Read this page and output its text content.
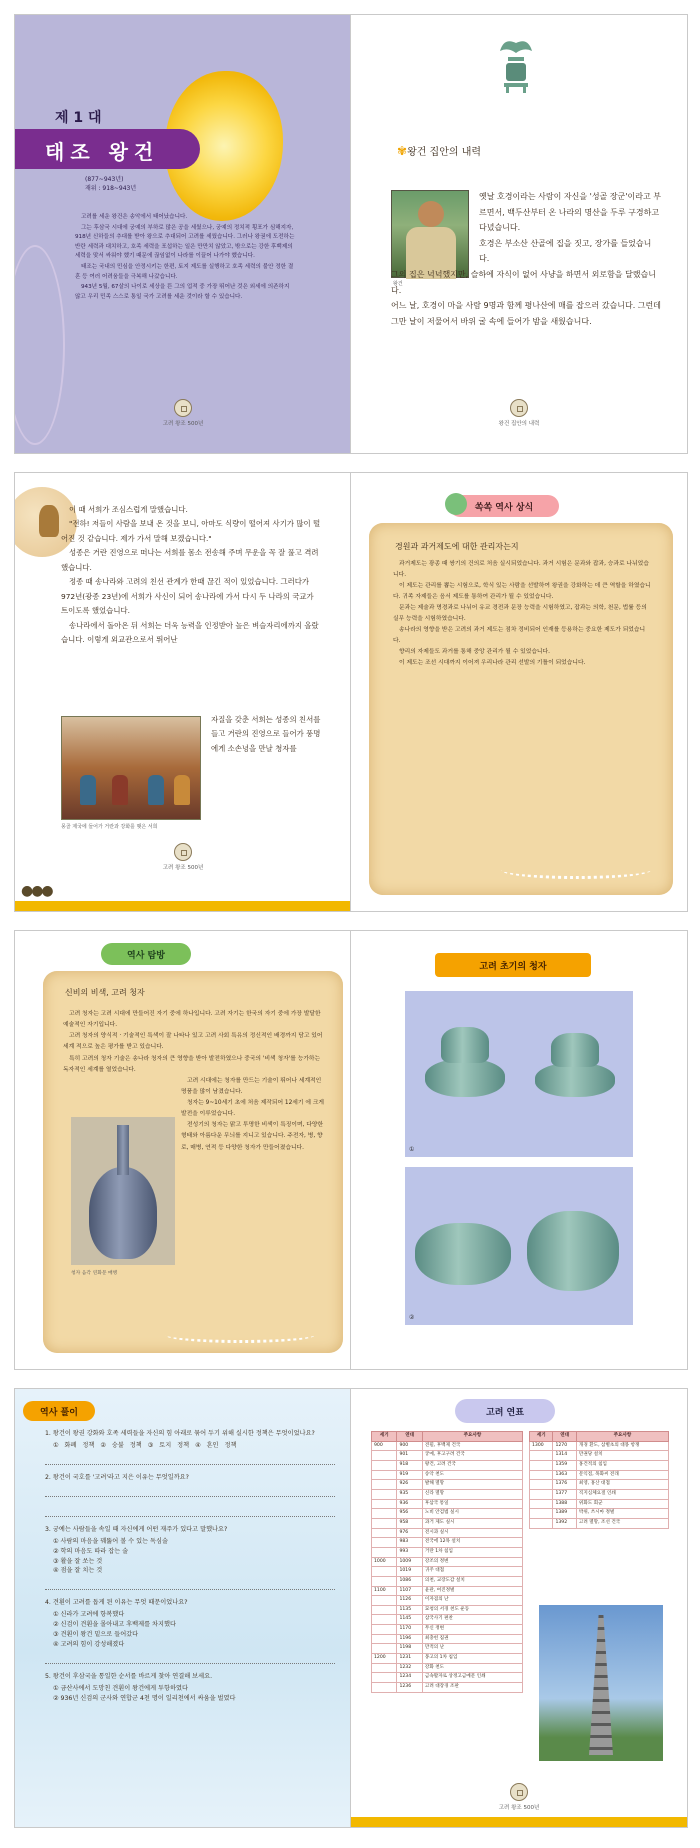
제 1 대
태조 왕건
(877~943년)
재위 : 918~943년

고려를 세운 왕건은 송악에서 태어났습니다.

그는 후삼국 시대에 궁예의 부하로 많은 공을 세웠으나, 궁예의 정치적 횡포가 심해지자, 918년 신하들의 추대를 받아 왕으로 추대되어 고려를 세웠습니다. 그러나 왕권에 도전하는 반란 세력과 대치하고, 호족 세력을 포섭하는 일은 만만치 않았고, 밖으로는 강한 후백제의 세력을 맞서 싸워야 했기 때문에 끊임없이 나라를 이끌어 나가야 했습니다.

태조는 국내의 민심을 안정시키는 한편, 토지 제도를 실행하고 호족 세력의 불안 정한 결혼 등 여러 어려움들을 극복해 나갔습니다.

943년 5월, 67살의 나이로 세상을 뜬 그의 업적 중 가장 뛰어난 것은 외세에 의존하지 않고 우리 민족 스스로 통일 국가 고려를 세운 것이라 할 수 있습니다.

고려 왕조 500년
✾왕건 집안의 내력
왕건

옛날 호경이라는 사람이 자신을 '성골 장군'이라고 부르면서, 백두산부터 온 나라의 명산을 두루 구경하고 다녔습니다.

호경은 부소산 산골에 집을 짓고, 장가를 들었습니다.

그의 집은 넉넉했지만, 슬하에 자식이 없어 사냥을 하면서 외로함을 달랬습니다.

어느 날, 호경이 마을 사람 9명과 함께 평나산에 매를 잡으러 갔습니다. 그런데 그만 날이 저물어서 바위 굴 속에 들어가 밤을 새웠습니다.

왕건 집안의 내력

이 때 서희가 조심스럽게 말했습니다.

"전하! 저들이 사람을 보내 온 것을 보니, 아마도 식량이 떨어져 사기가 많이 떨어진 것 같습니다. 제가 가서 말해 보겠습니다."

성종은 거란 진영으로 떠나는 서희를 몸소 전송해 주며 무운을 꼭 잘 풀고 격려했습니다.

정종 때 송나라와 고려의 친선 관계가 한때 끊긴 적이 있었습니다. 그러다가 972년(광종 23년)에 서희가 사신이 되어 송나라에 가서 다시 두 나라의 국교가 트이도록 했었습니다.

송나라에서 돌아온 뒤 서희는 더욱 능력을 인정받아 높은 벼슬자리에까지 올랐습니다. 이렇게 외교관으로서 뛰어난

몽골 제국에 들어가 거란과 강화를 맺은 서희
자질을 갖춘 서희는 성종의 친서를 들고 거란의 진영으로 들어가 풍명에게 소손녕을 만날 청자를
고려 왕조 500년
●●●
쏙쏙 역사 상식
경원과 과거제도에 대한 관리자는지

과거제도는 광종 때 쌍기의 건의로 처음 실시되었습니다. 과거 시험은 문과와 잡과, 승과로 나뉘었습니다.

이 제도는 관리를 뽑는 시험으로, 학식 있는 사람을 선발하여 왕권을 강화하는 데 큰 역할을 하였습니다. 귀족 자제들은 음서 제도를 통하여 관리가 될 수 있었습니다.

문과는 제술과 명경과로 나뉘어 유교 경전과 문장 능력을 시험하였고, 잡과는 의학, 천문, 법률 등의 실무 능력을 시험하였습니다.

송나라의 영향을 받은 고려의 과거 제도는 점차 정비되어 인재를 등용하는 중요한 제도가 되었습니다.

향리의 자제들도 과거를 통해 중앙 관리가 될 수 있었습니다.

이 제도는 조선 시대까지 이어져 우리나라 관리 선발의 기틀이 되었습니다.

역사 탐방
신비의 비색, 고려 청자

고려 청자는 고려 시대에 만들어진 자기 중에 하나입니다. 고려 자기는 한국의 자기 중에 가장 발달한 예술적인 자기입니다.

고려 청자의 양식적 · 기술적인 특색이 잘 나타나 있고 고려 사회 특유의 정신적인 배경까지 담고 있어 세계 적으로 높은 평가를 받고 있습니다.

특히 고려의 청자 기술은 송나라 청자의 큰 영향을 받아 발전하였으나 중국의 '비색 청자'를 능가하는 독자적인 세계를 열었습니다.

고려 시대에는 청자를 만드는 기술이 뛰어나 세계적인 명품을 많이 남겼습니다.

청자는 9~10세기 초에 처음 제작되어 12세기 에 크게 발전을 이루었습니다.

전성기의 청자는 맑고 투명한 비색이 특징이며, 다양한 형태와 아름다운 무늬를 지니고 있습니다. 주전자, 병, 향로, 매병, 연적 등 다양한 청자가 만들어졌습니다.

청자 음각 연화문 매병
고려 초기의 청자
①
②
역사 풀이
1. 왕건이 왕권 강화와 호족 세력들을 자신의 힘 아래로 묶어 두기 위해 실시한 정책은 무엇이었나요?
① 화폐 정책 ② 숭불 정책 ③ 토지 정책 ④ 혼인 정책
2. 왕건이 국호를 '고려'라고 지은 이유는 무엇일까요?
3. 궁예는 사람들을 속일 때 자신에게 어떤 재주가 있다고 말했나요?
① 사람의 마음을 꿰뚫어 볼 수 있는 독심술
② 학의 마음도 따라 잡는 술
③ 활을 잘 쏘는 것
④ 점을 잘 치는 것
4. 견훤이 고려를 돕게 된 이유는 무엇 때문이었나요?
① 신라가 고려에 항복했다
② 신검이 견훤을 몰아내고 후백제를 차지했다
③ 견훤이 왕건 밑으로 들어갔다
④ 고려의 힘이 강성해졌다
5. 왕건이 후삼국을 통일한 순서를 바르게 찾아 연결해 보세요.
① 금산사에서 도망친 견훤이 왕건에게 투항하였다
② 936년 신검의 군사와 연합군 4천 명이 일리천에서 싸움을 벌였다
고려 연표
세기	연대	주요사항
900	900	견훤, 후백제 건국
	901	궁예, 후고구려 건국
	918	왕건, 고려 건국
	919	송악 천도
	926	발해 멸망
	935	신라 멸망
	936	후삼국 통일
	956	노비 안검법 실시
	958	과거 제도 실시
	976	전시과 실시
	983	전국에 12목 설치
	993	거란 1차 침입
1000	1009	강조의 정변
	1019	귀주 대첩
	1086	의천, 교장도감 설치
1100	1107	윤관, 여진정벌
	1126	이자겸의 난
	1135	묘청의 서경 천도 운동
	1145	삼국사기 편찬
	1170	무신 정변
	1196	최충헌 집권
	1198	만적의 난
1200	1231	몽고의 1차 침입
	1232	강화 천도
	1234	금속활자로 상정고금예문 인쇄
	1236	고려 대장경 조판
세기	연대	주요사항
1300	1270	개경 환도, 삼별초의 대몽 항쟁
	1314	만권당 설치
	1359	홍건적의 침입
	1363	문익점, 목화씨 전래
	1376	최영, 홍산 대첩
	1377	직지심체요절 인쇄
	1388	위화도 회군
	1389	박위, 쓰시마 정벌
	1392	고려 멸망, 조선 건국
고려 왕조 500년
